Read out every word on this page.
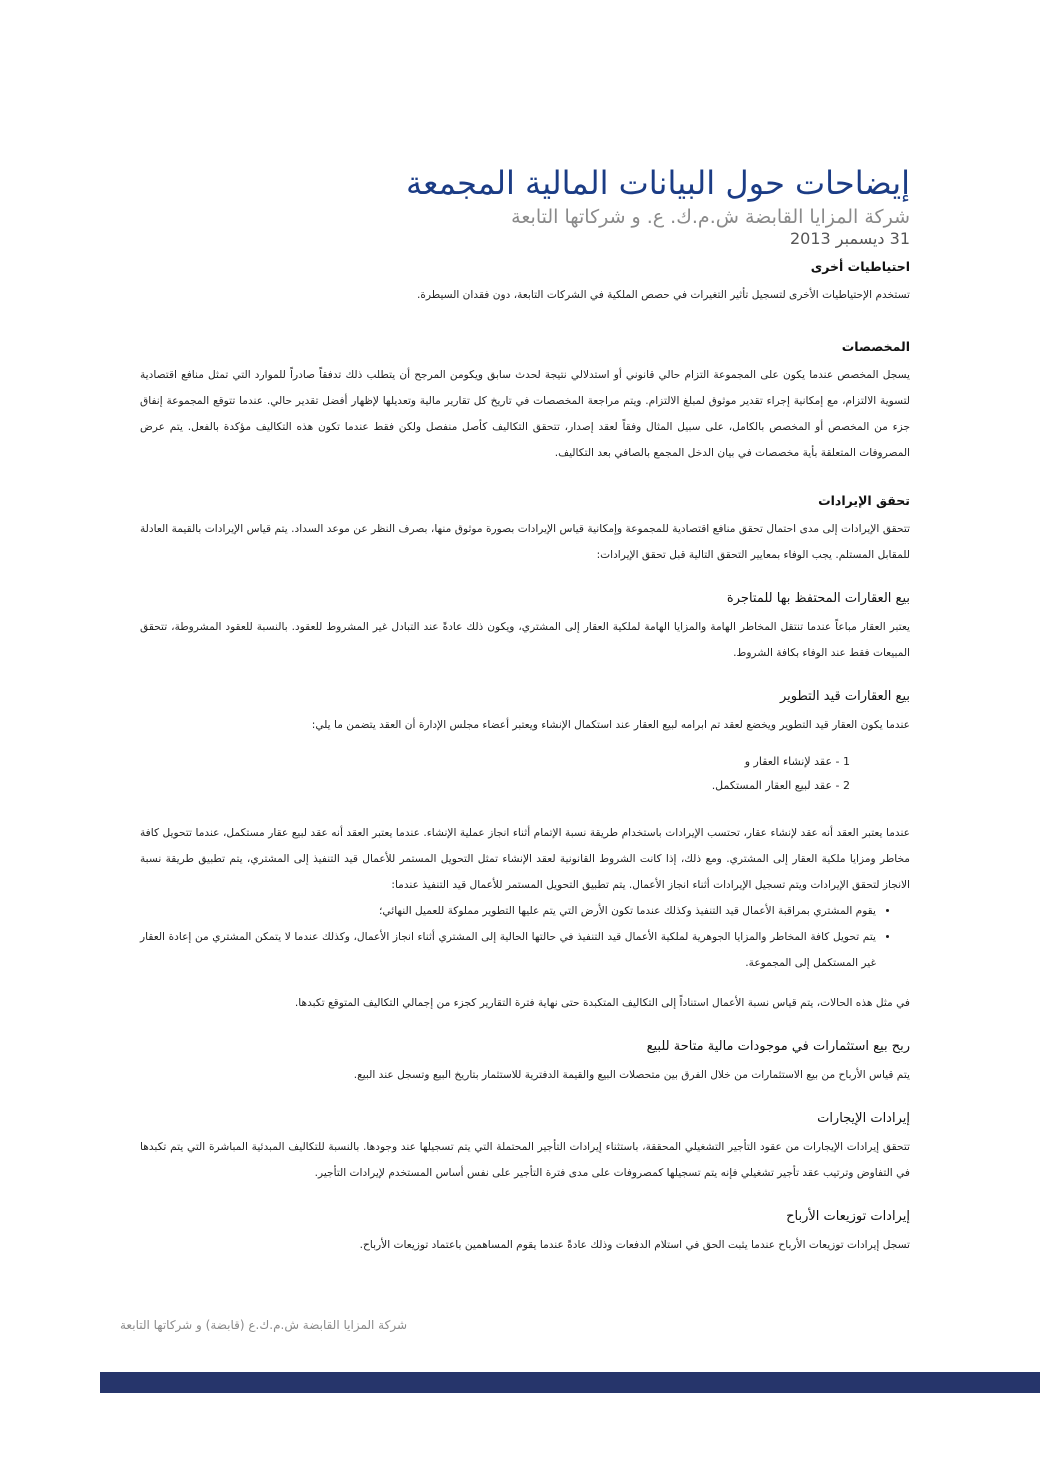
إيضاحات حول البيانات المالية المجمعة
شركة المزايا القابضة ش.م.ك. ع. و شركاتها التابعة
31 ديسمبر 2013
احتياطيات أخرى

تستخدم الإحتياطيات الأخرى لتسجيل تأثير التغيرات في حصص الملكية في الشركات التابعة، دون فقدان السيطرة.

المخصصات

يسجل المخصص عندما يكون على المجموعة التزام حالي قانوني أو استدلالي نتيجة لحدث سابق ويكومن المرجح أن يتطلب ذلك تدفقاً صادراً للموارد التي تمثل منافع اقتصادية لتسوية الالتزام، مع إمكانية إجراء تقدير موثوق لمبلغ الالتزام. ويتم مراجعة المخصصات في تاريخ كل تقارير مالية وتعديلها لإظهار أفضل تقدير حالي. عندما تتوقع المجموعة إنفاق جزء من المخصص أو المخصص بالكامل، على سبيل المثال وفقاً لعقد إصدار، تتحقق التكاليف كأصل منفصل ولكن فقط عندما تكون هذه التكاليف مؤكدة بالفعل. يتم عرض المصروفات المتعلقة بأية مخصصات في بيان الدخل المجمع بالصافي بعد التكاليف.

تحقق الإيرادات

تتحقق الإيرادات إلى مدى احتمال تحقق منافع اقتصادية للمجموعة وإمكانية قياس الإيرادات بصورة موثوق منها، بصرف النظر عن موعد السداد. يتم قياس الإيرادات بالقيمة العادلة للمقابل المستلم. يجب الوفاء بمعايير التحقق التالية قبل تحقق الإيرادات:

بيع العقارات المحتفظ بها للمتاجرة

يعتبر العقار مباعاً عندما تنتقل المخاطر الهامة والمزايا الهامة لملكية العقار إلى المشتري، ويكون ذلك عادةً عند التبادل غير المشروط للعقود. بالنسبة للعقود المشروطة، تتحقق المبيعات فقط عند الوفاء بكافة الشروط.

بيع العقارات قيد التطوير

عندما يكون العقار قيد التطوير ويخضع لعقد تم ابرامه لبيع العقار عند استكمال الإنشاء ويعتبر أعضاء مجلس الإدارة أن العقد يتضمن ما يلي:

1 - عقد لإنشاء العقار و
2 - عقد لبيع العقار المستكمل.

عندما يعتبر العقد أنه عقد لإنشاء عقار، تحتسب الإيرادات باستخدام طريقة نسبة الإتمام أثناء انجاز عملية الإنشاء. عندما يعتبر العقد أنه عقد لبيع عقار مستكمل، عندما تتحويل كافة مخاطر ومزايا ملكية العقار إلى المشتري. ومع ذلك، إذا كانت الشروط القانونية لعقد الإنشاء تمثل التحويل المستمر للأعمال قيد التنفيذ إلى المشتري، يتم تطبيق طريقة نسبة الانجاز لتحقق الإيرادات ويتم تسجيل الإيرادات أثناء انجاز الأعمال. يتم تطبيق التحويل المستمر للأعمال قيد التنفيذ عندما:

• يقوم المشتري بمراقبة الأعمال قيد التنفيذ وكذلك عندما تكون الأرض التي يتم عليها التطوير مملوكة للعميل النهائي؛
• يتم تحويل كافة المخاطر والمزايا الجوهرية لملكية الأعمال قيد التنفيذ في حالتها الحالية إلى المشتري أثناء انجاز الأعمال، وكذلك عندما لا يتمكن المشتري من إعادة العقار غير المستكمل إلى المجموعة.

في مثل هذه الحالات، يتم قياس نسبة الأعمال استناداً إلى التكاليف المتكبدة حتى نهاية فترة التقارير كجزء من إجمالي التكاليف المتوقع تكبدها.

ربح بيع استثمارات في موجودات مالية متاحة للبيع

يتم قياس الأرباح من بيع الاستثمارات من خلال الفرق بين متحصلات البيع والقيمة الدفترية للاستثمار بتاريخ البيع وتسجل عند البيع.

إيرادات الإيجارات

تتحقق إيرادات الإيجارات من عقود التأجير التشغيلي المحققة، باستثناء إيرادات التأجير المحتملة التي يتم تسجيلها عند وجودها. بالنسبة للتكاليف المبدئية المباشرة التي يتم تكبدها في التفاوض وترتيب عقد تأجير تشغيلي فإنه يتم تسجيلها كمصروفات على مدى فترة التأجير على نفس أساس المستخدم لإيرادات التأجير.

إيرادات توزيعات الأرباح

تسجل إيرادات توزيعات الأرباح عندما يثبت الحق في استلام الدفعات وذلك عادةً عندما يقوم المساهمين باعتماد توزيعات الأرباح.

شركة المزايا القابضة ش.م.ك.ع (قابضة) و شركاتها التابعة
